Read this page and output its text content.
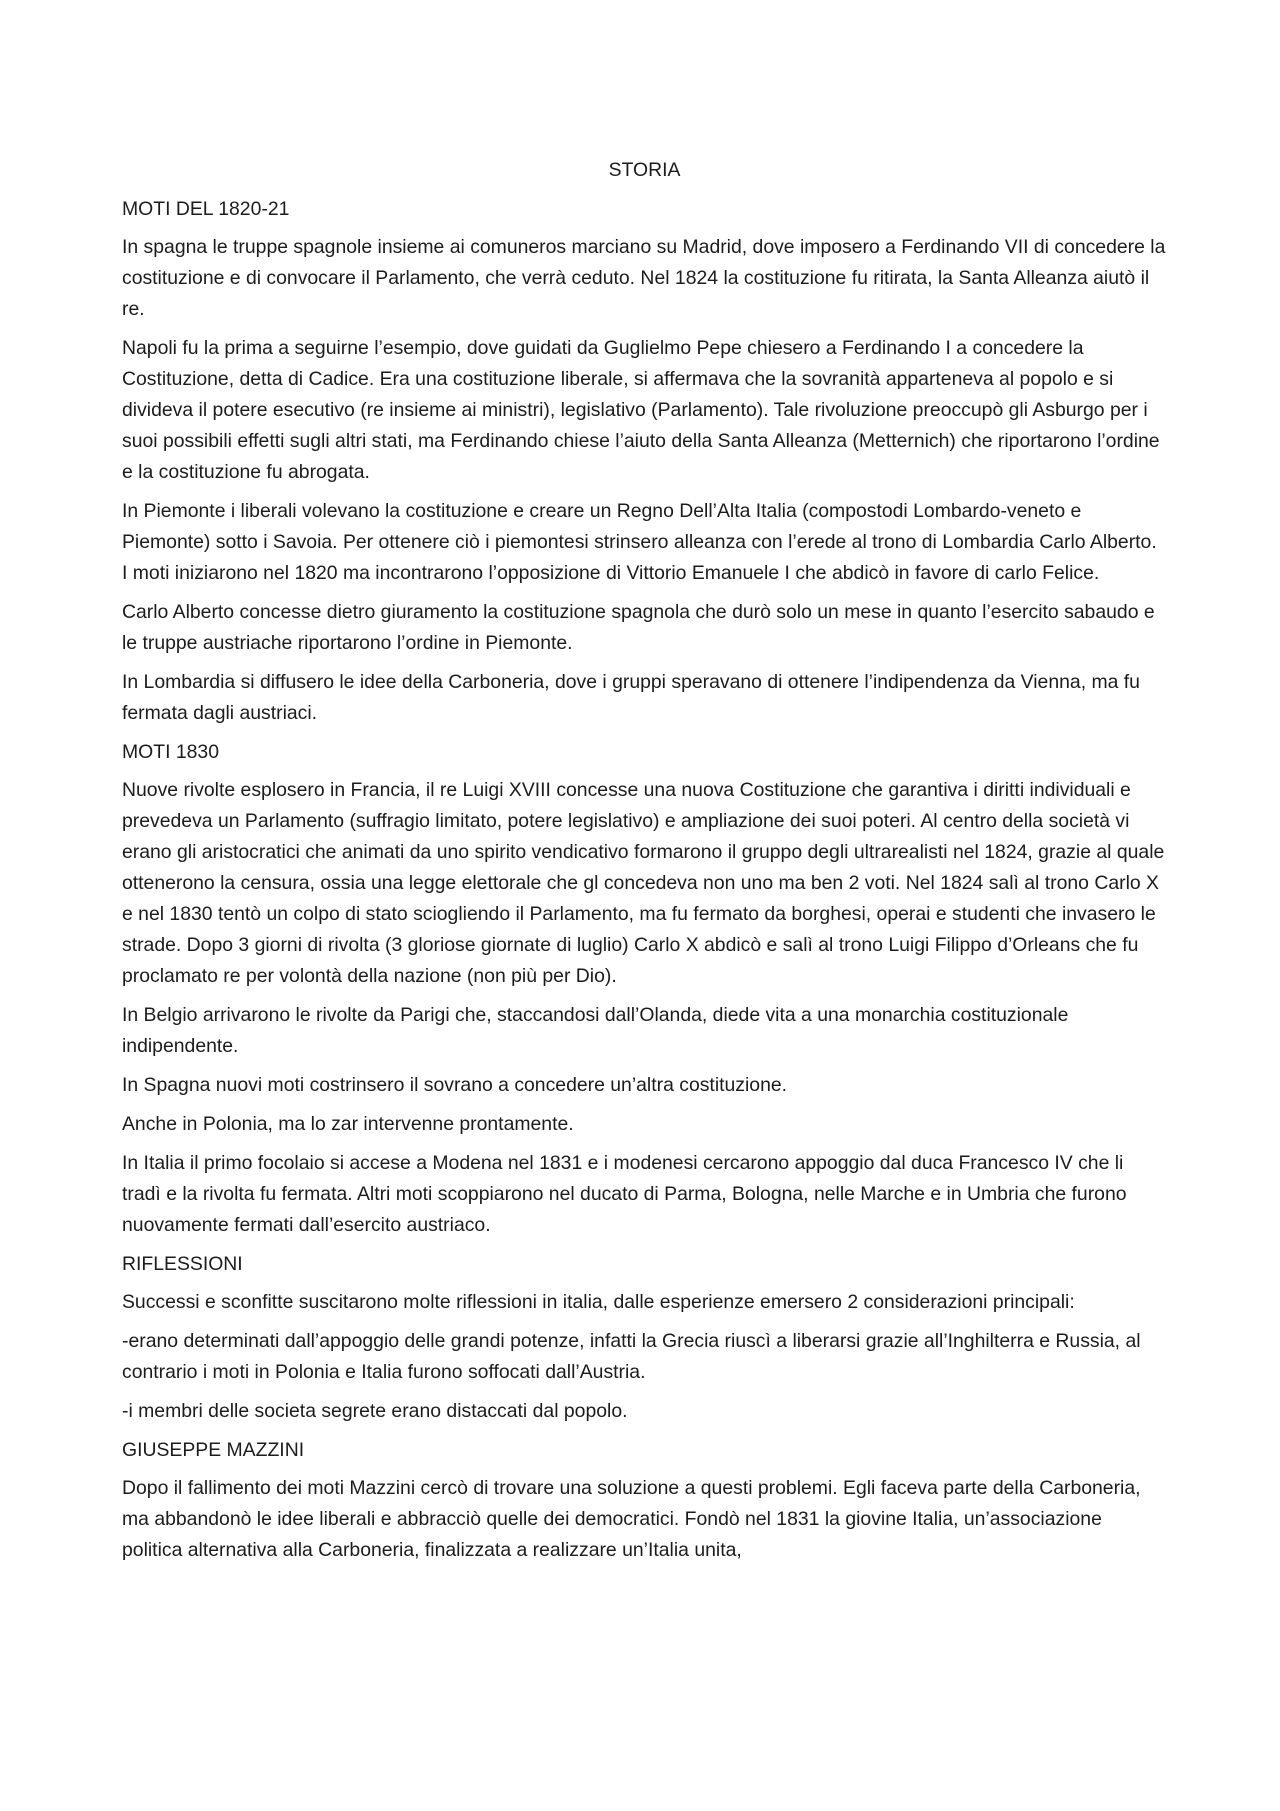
STORIA
MOTI DEL 1820-21

In spagna le truppe spagnole insieme ai comuneros marciano su Madrid, dove imposero a Ferdinando VII di concedere la costituzione e di convocare il Parlamento, che verrà ceduto. Nel 1824 la costituzione fu ritirata, la Santa Alleanza aiutò il re.

Napoli fu la prima a seguirne l’esempio, dove guidati da Guglielmo Pepe chiesero a Ferdinando I a concedere la Costituzione, detta di Cadice. Era una costituzione liberale, si affermava che la sovranità apparteneva al popolo e si divideva il potere esecutivo (re insieme ai ministri), legislativo (Parlamento). Tale rivoluzione preoccupò gli Asburgo per i suoi possibili effetti sugli altri stati, ma Ferdinando chiese l’aiuto della Santa Alleanza (Metternich) che riportarono l’ordine e la costituzione fu abrogata.

In Piemonte i liberali volevano la costituzione e creare un Regno Dell’Alta Italia (compostodi Lombardo-veneto e Piemonte) sotto i Savoia. Per ottenere ciò i piemontesi strinsero alleanza con l’erede al trono di Lombardia Carlo Alberto. I moti iniziarono nel 1820 ma incontrarono l’opposizione di Vittorio Emanuele I che abdicò in favore di carlo Felice.

Carlo Alberto concesse dietro giuramento la costituzione spagnola che durò solo un mese in quanto l’esercito sabaudo e le truppe austriache riportarono l’ordine in Piemonte.

In Lombardia si diffusero le idee della Carboneria, dove i gruppi speravano di ottenere l’indipendenza da Vienna, ma fu fermata dagli austriaci.

MOTI 1830

Nuove rivolte esplosero in Francia, il re Luigi XVIII concesse una nuova Costituzione che garantiva i diritti individuali e prevedeva un Parlamento (suffragio limitato, potere legislativo) e ampliazione dei suoi poteri. Al centro della società vi erano gli aristocratici che animati da uno spirito vendicativo formarono il gruppo degli ultrarealisti nel 1824, grazie al quale ottenerono la censura, ossia una legge elettorale che gl concedeva non uno ma ben 2 voti. Nel 1824 salì al trono Carlo X e nel 1830 tentò un colpo di stato sciogliendo il Parlamento, ma fu fermato da borghesi, operai e studenti che invasero le strade. Dopo 3 giorni di rivolta (3 gloriose giornate di luglio) Carlo X abdicò e salì al trono Luigi Filippo d’Orleans che fu proclamato re per volontà della nazione (non più per Dio).

In Belgio arrivarono le rivolte da Parigi che, staccandosi dall’Olanda, diede vita a una monarchia costituzionale indipendente.

In Spagna nuovi moti costrinsero il sovrano a concedere un’altra costituzione.

Anche in Polonia, ma lo zar intervenne prontamente.

In Italia il primo focolaio si accese a Modena nel 1831 e i modenesi cercarono appoggio dal duca Francesco IV che li tradì e la rivolta fu fermata. Altri moti scoppiarono nel ducato di Parma, Bologna, nelle Marche e in Umbria che furono nuovamente fermati dall’esercito austriaco.

RIFLESSIONI

Successi e sconfitte suscitarono molte riflessioni in italia, dalle esperienze emersero 2 considerazioni principali:

-erano determinati dall’appoggio delle grandi potenze, infatti la Grecia riuscì a liberarsi grazie all’Inghilterra e Russia, al contrario i moti in Polonia e Italia furono soffocati dall’Austria.

-i membri delle societa segrete erano distaccati dal popolo.

GIUSEPPE MAZZINI

Dopo il fallimento dei moti Mazzini cercò di trovare una soluzione a questi problemi. Egli faceva parte della Carboneria, ma abbandonò le idee liberali e abbracciò quelle dei democratici. Fondò nel 1831 la giovine Italia, un’associazione politica alternativa alla Carboneria, finalizzata a realizzare un’Italia unita,
